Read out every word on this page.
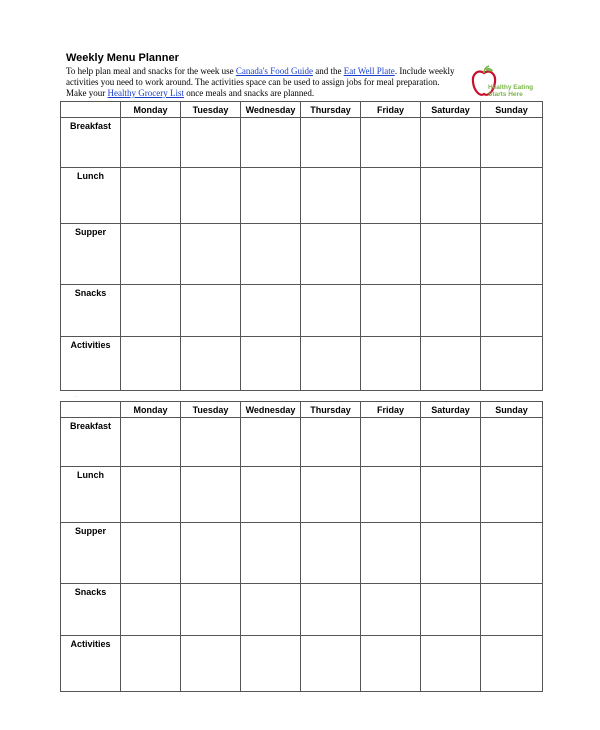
Weekly Menu Planner
To help plan meal and snacks for the week use Canada's Food Guide and the Eat Well Plate. Include weekly activities you need to work around. The activities space can be used to assign jobs for meal preparation. Make your Healthy Grocery List once meals and snacks are planned.
Healthy Eating
Starts Here
	Monday	Tuesday	Wednesday	Thursday	Friday	Saturday	Sunday
Breakfast							
Lunch							
Supper							
Snacks							
Activities							
·
	Monday	Tuesday	Wednesday	Thursday	Friday	Saturday	Sunday
Breakfast							
Lunch							
Supper							
Snacks							
Activities							
